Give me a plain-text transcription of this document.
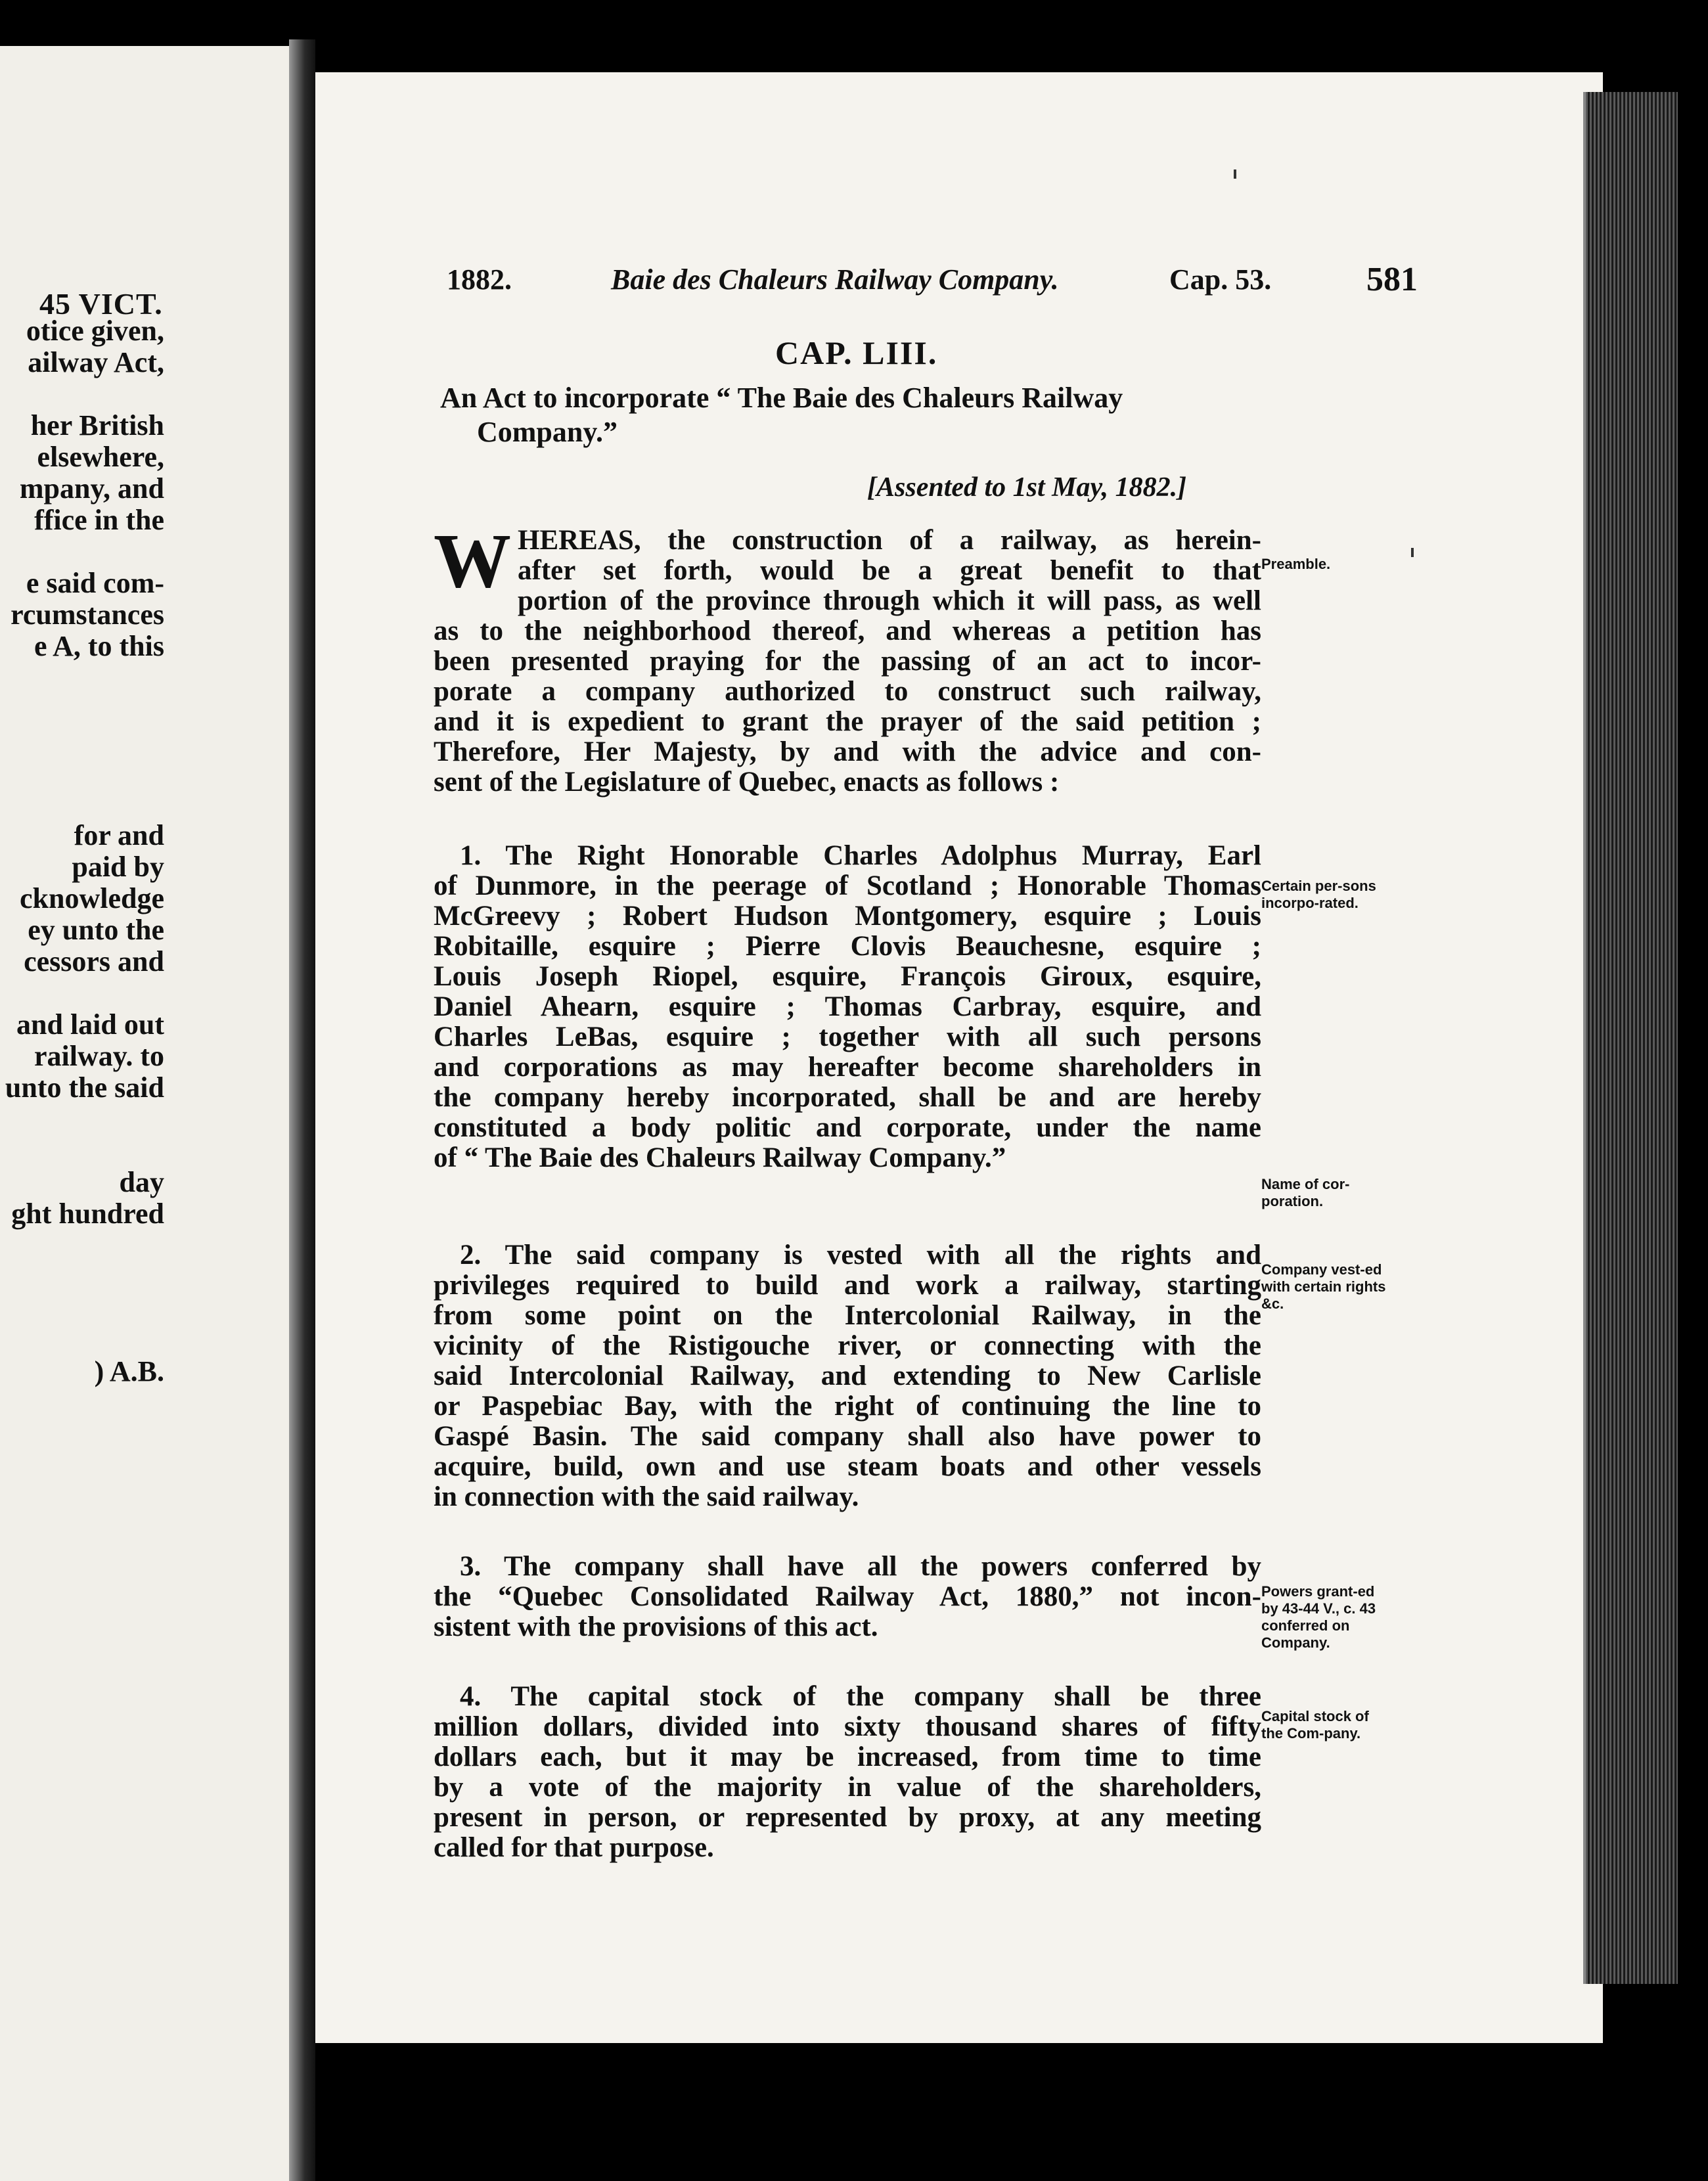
45 VICT.
otice given,
ailway Act,
her British
elsewhere,
mpany, and
ffice in the
e said com-
rcumstances
e A, to this
for and
paid by
cknowledge
ey unto the
cessors and
and laid out
railway. to
unto the said
day
ght hundred
) A.B.
1882.	Baie des Chaleurs Railway Company.	Cap. 53.	581
CAP. LIII.
An Act to incorporate “ The Baie des Chaleurs Railway
Company.”
[Assented to 1st May, 1882.]
W HEREAS, the construction of a railway, as herein-
after set forth, would be a great benefit to that
portion of the province through which it will pass, as well
as to the neighborhood thereof, and whereas a petition has
been presented praying for the passing of an act to incor-
porate a company authorized to construct such railway,
and it is expedient to grant the prayer of the said petition ;
Therefore, Her Majesty, by and with the advice and con-
sent of the Legislature of Quebec, enacts as follows :
1. The Right Honorable Charles Adolphus Murray, Earl
of Dunmore, in the peerage of Scotland ; Honorable Thomas
McGreevy ; Robert Hudson Montgomery, esquire ; Louis
Robitaille, esquire ; Pierre Clovis Beauchesne, esquire ;
Louis Joseph Riopel, esquire, François Giroux, esquire,
Daniel Ahearn, esquire ; Thomas Carbray, esquire, and
Charles LeBas, esquire ; together with all such persons
and corporations as may hereafter become shareholders in
the company hereby incorporated, shall be and are hereby
constituted a body politic and corporate, under the name
of “ The Baie des Chaleurs Railway Company.”
2. The said company is vested with all the rights and
privileges required to build and work a railway, starting
from some point on the Intercolonial Railway, in the
vicinity of the Ristigouche river, or connecting with the
said Intercolonial Railway, and extending to New Carlisle
or Paspebiac Bay, with the right of continuing the line to
Gaspé Basin. The said company shall also have power to
acquire, build, own and use steam boats and other vessels
in connection with the said railway.
3. The company shall have all the powers conferred by
the “Quebec Consolidated Railway Act, 1880,” not incon-
sistent with the provisions of this act.
4. The capital stock of the company shall be three
million dollars, divided into sixty thousand shares of fifty
dollars each, but it may be increased, from time to time
by a vote of the majority in value of the shareholders,
present in person, or represented by proxy, at any meeting
called for that purpose.
Preamble.
Certain per-sons incorpo-rated.
Name of cor-poration.
Company vest-ed with certain rights &c.
Powers grant-ed by 43-44 V., c. 43 conferred on Company.
Capital stock of the Com-pany.
